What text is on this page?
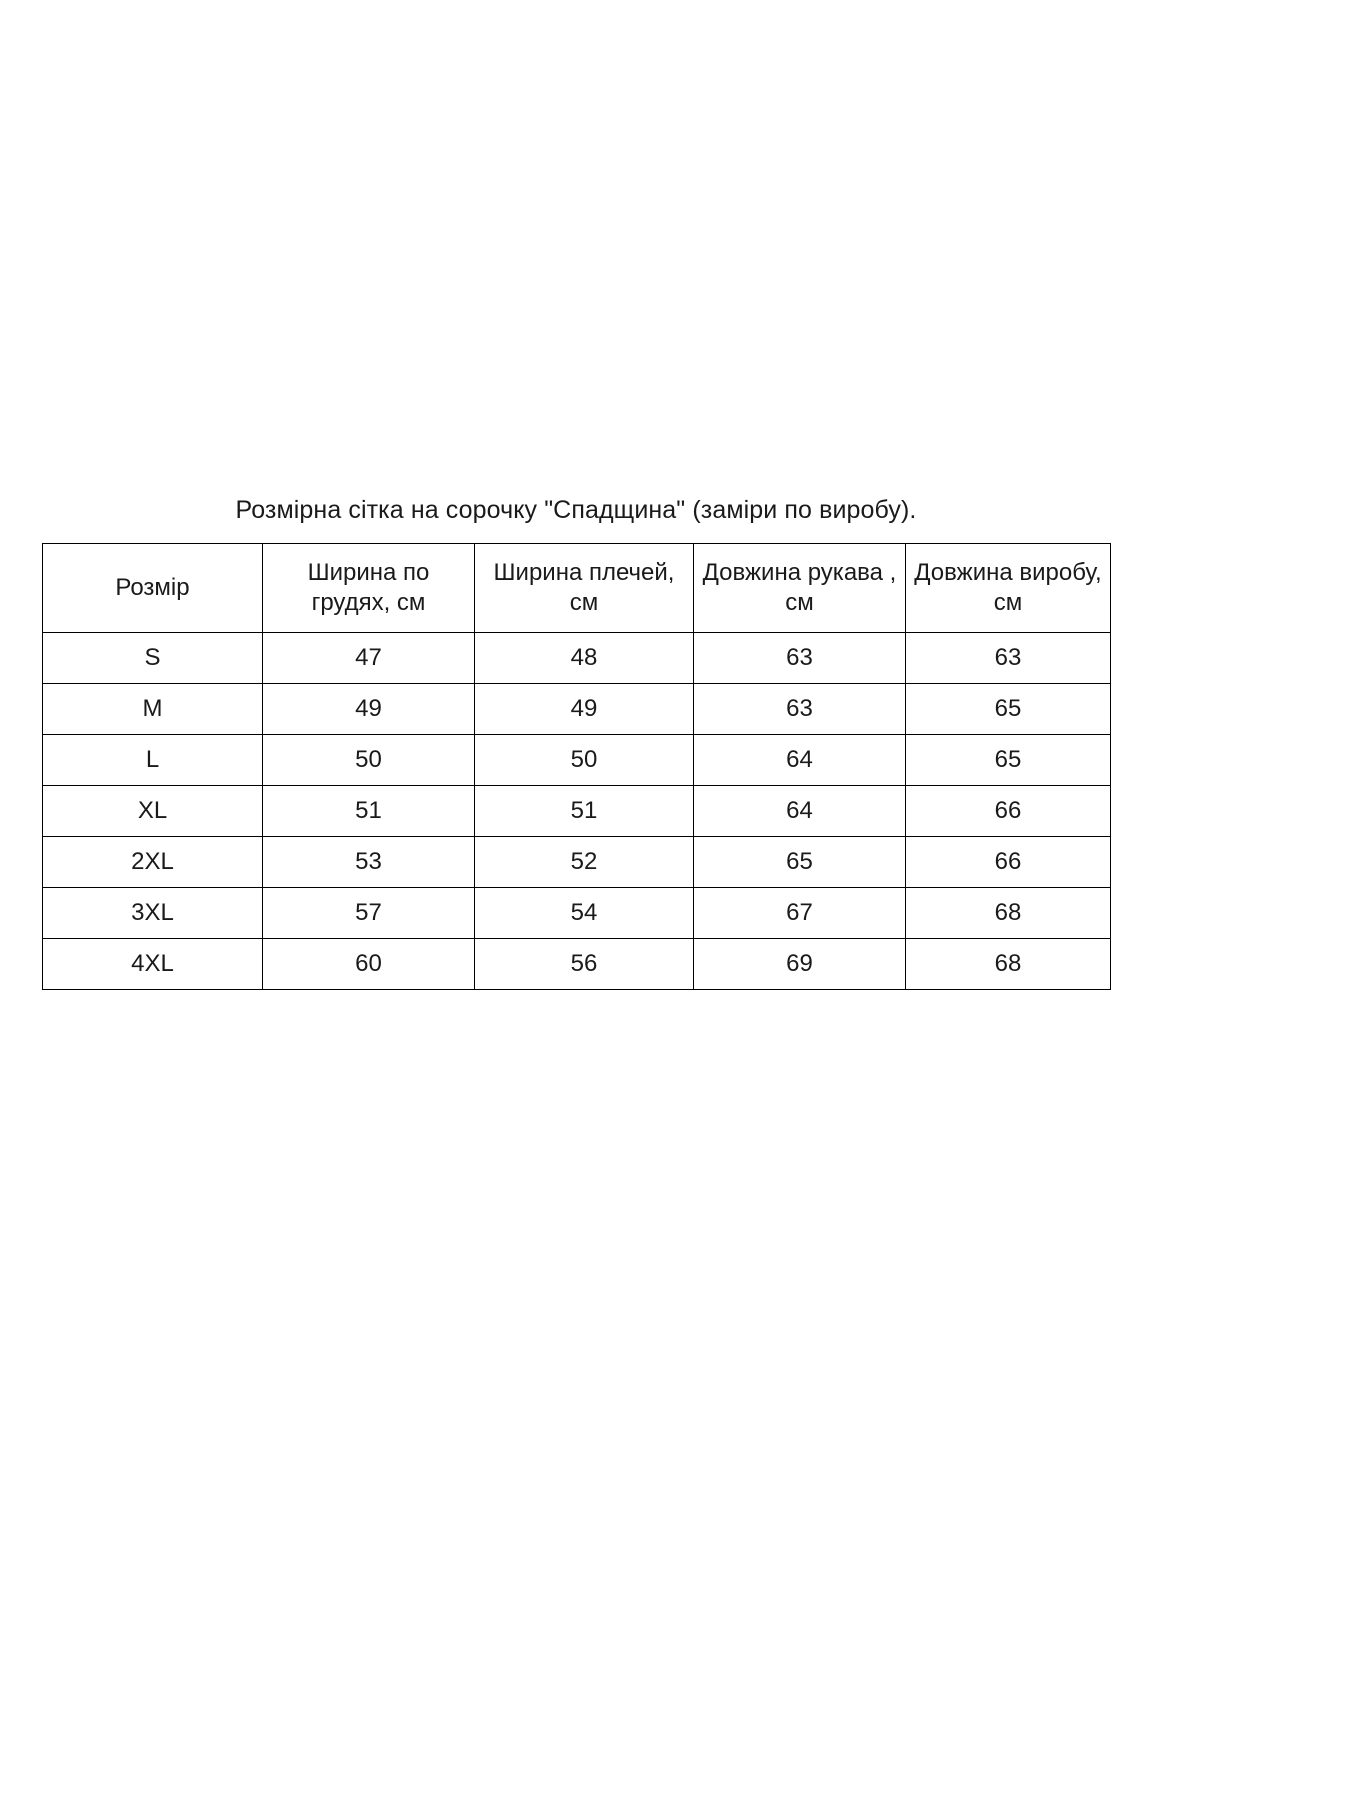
Розмірна сітка на сорочку "Спадщина" (заміри по виробу).
Розмір	Ширина по грудях, см	Ширина плечей, см	Довжина рукава , см	Довжина виробу, см
S	47	48	63	63
M	49	49	63	65
L	50	50	64	65
XL	51	51	64	66
2XL	53	52	65	66
3XL	57	54	67	68
4XL	60	56	69	68
